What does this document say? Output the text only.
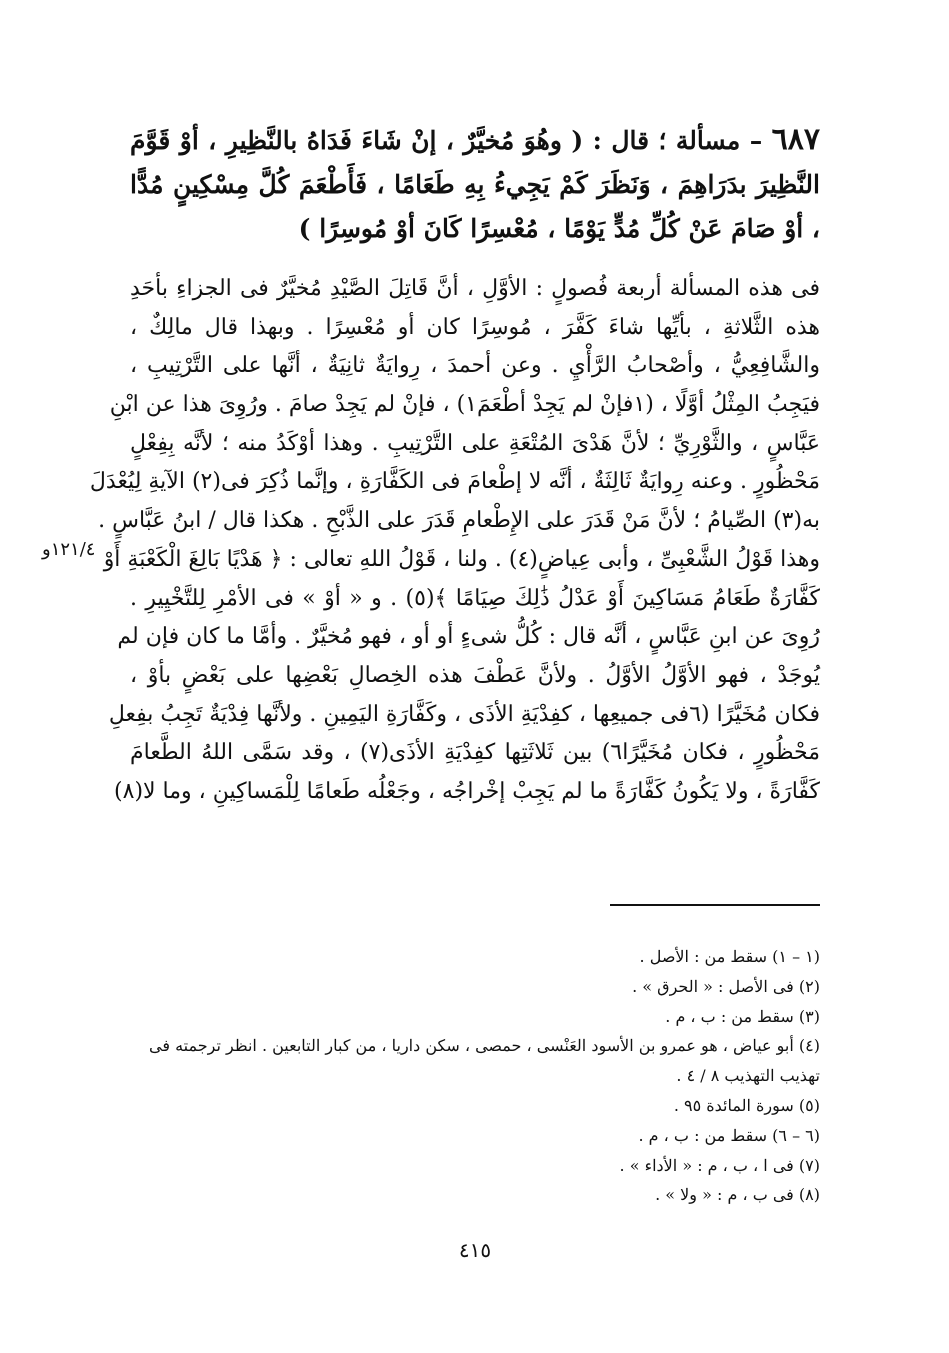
٦٨٧ – مسألة ؛ قال : ( وهُوَ مُخيَّرٌ ، إنْ شَاءَ فَدَاهُ بالنَّظِيرِ ، أوْ قَوَّمَ النَّظِيرَ بدَرَاهِمَ ، وَنَظَرَ كَمْ يَجِيءُ بِهِ طَعَامًا ، فَأَطْعَمَ كُلَّ مِسْكِينٍ مُدًّا ، أوْ صَامَ عَنْ كُلِّ مُدٍّ يَوْمًا ، مُعْسِرًا كَانَ أوْ مُوسِرًا )
فى هذه المسألة أربعة فُصولٍ : الأوَّلِ ، أنَّ قَاتِلَ الصَّيْدِ مُخيَّرٌ فى الجزاءِ بأحَدِ
هذه الثَّلاثةِ ، بأيِّها شاءَ كَفَّرَ ، مُوسِرًا كان أو مُعْسِرًا . وبهذا قال مالِكٌ ،
والشَّافِعِيُّ ، وأصْحابُ الرَّأْيِ . وعن أحمدَ ، رِوايَةٌ ثانِيَةٌ ، أنَّها على التَّرْتِيبِ ،
فيَجِبُ المِثْلُ أوَّلًا ، (١فإنْ لم يَجِدْ أطْعَمَ١) ، فإنْ لم يَجِدْ صامَ . ورُوِىَ هذا عن ابْنِ
عَبَّاسٍ ، والثَّوْرِيِّ ؛ لأنَّ هَدْىَ المُتْعَةِ على التَّرْتِيبِ . وهذا أوْكَدُ منه ؛ لأنَّه بِفِعْلٍ
مَحْظُورٍ . وعنه رِوايَةٌ ثَالِثَةٌ ، أنَّه لا إطْعامَ فى الكَفَّارَةِ ، وإنَّما ذُكِرَ فى(٢) الآيةِ لِيُعْدَلَ
به(٣) الصِّيامُ ؛ لأنَّ مَنْ قَدَرَ على الإِطْعامِ قَدَرَ على الذَّبْحِ . هكذا قال / ابنُ عَبَّاسٍ .
وهذا قَوْلُ الشَّعْبِىِّ ، وأبى عِياضٍ(٤) . ولنا ، قَوْلُ اللهِ تعالى : ﴿ هَدْيًا بَالِغَ الْكَعْبَةِ أَوْ
كَفَّارَةٌ طَعَامُ مَسَاكِينَ أَوْ عَدْلُ ذَٰلِكَ صِيَامًا ﴾(٥) . و « أوْ » فى الأمْرِ لِلتَّخْيِيرِ .
رُوِىَ عن ابنِ عَبَّاسٍ ، أنَّه قال : كُلُّ شىءٍ أو أو ، فهو مُخيَّرٌ . وأمَّا ما كان فإن لم
يُوجَدْ ، فهو الأوَّلُ الأوَّلُ . ولأنَّ عَطْفَ هذه الخِصالِ بَعْضِها على بَعْضٍ بأوْ ،
فكان مُخَيَّرًا (٦فى جميعِها ، كفِدْيَةِ الأذَى ، وكَفَّارَةِ اليَمِينِ . ولأنَّها فِدْيَةٌ تَجِبُ بفِعلِ
مَحْظُورٍ ، فكان مُخَيَّرًا٦) بين ثَلاثَتِها كفِدْيَةِ الأذَى(٧) ، وقد سَمَّى اللهُ الطَّعامَ
كَفَّارَةً ، ولا يَكُونُ كَفَّارَةً ما لم يَجِبْ إخْراجُه ، وجَعْلُه طَعامًا لِلْمَساكِينِ ، وما لا(٨)
١٢١/٤و
(١ – ١) سقط من : الأصل .
(٢) فى الأصل : « الحرق » .
(٣) سقط من : ب ، م .
(٤) أبو عياض ، هو عمرو بن الأسود العَنْسى ، حمصى ، سكن داريا ، من كبار التابعين . انظر ترجمته فى
تهذيب التهذيب ٨ / ٤ .
(٥) سورة المائدة ٩٥ .
(٦ – ٦) سقط من : ب ، م .
(٧) فى ا ، ب ، م : « الأداء » .
(٨) فى ب ، م : « ولا » .
٤١٥
